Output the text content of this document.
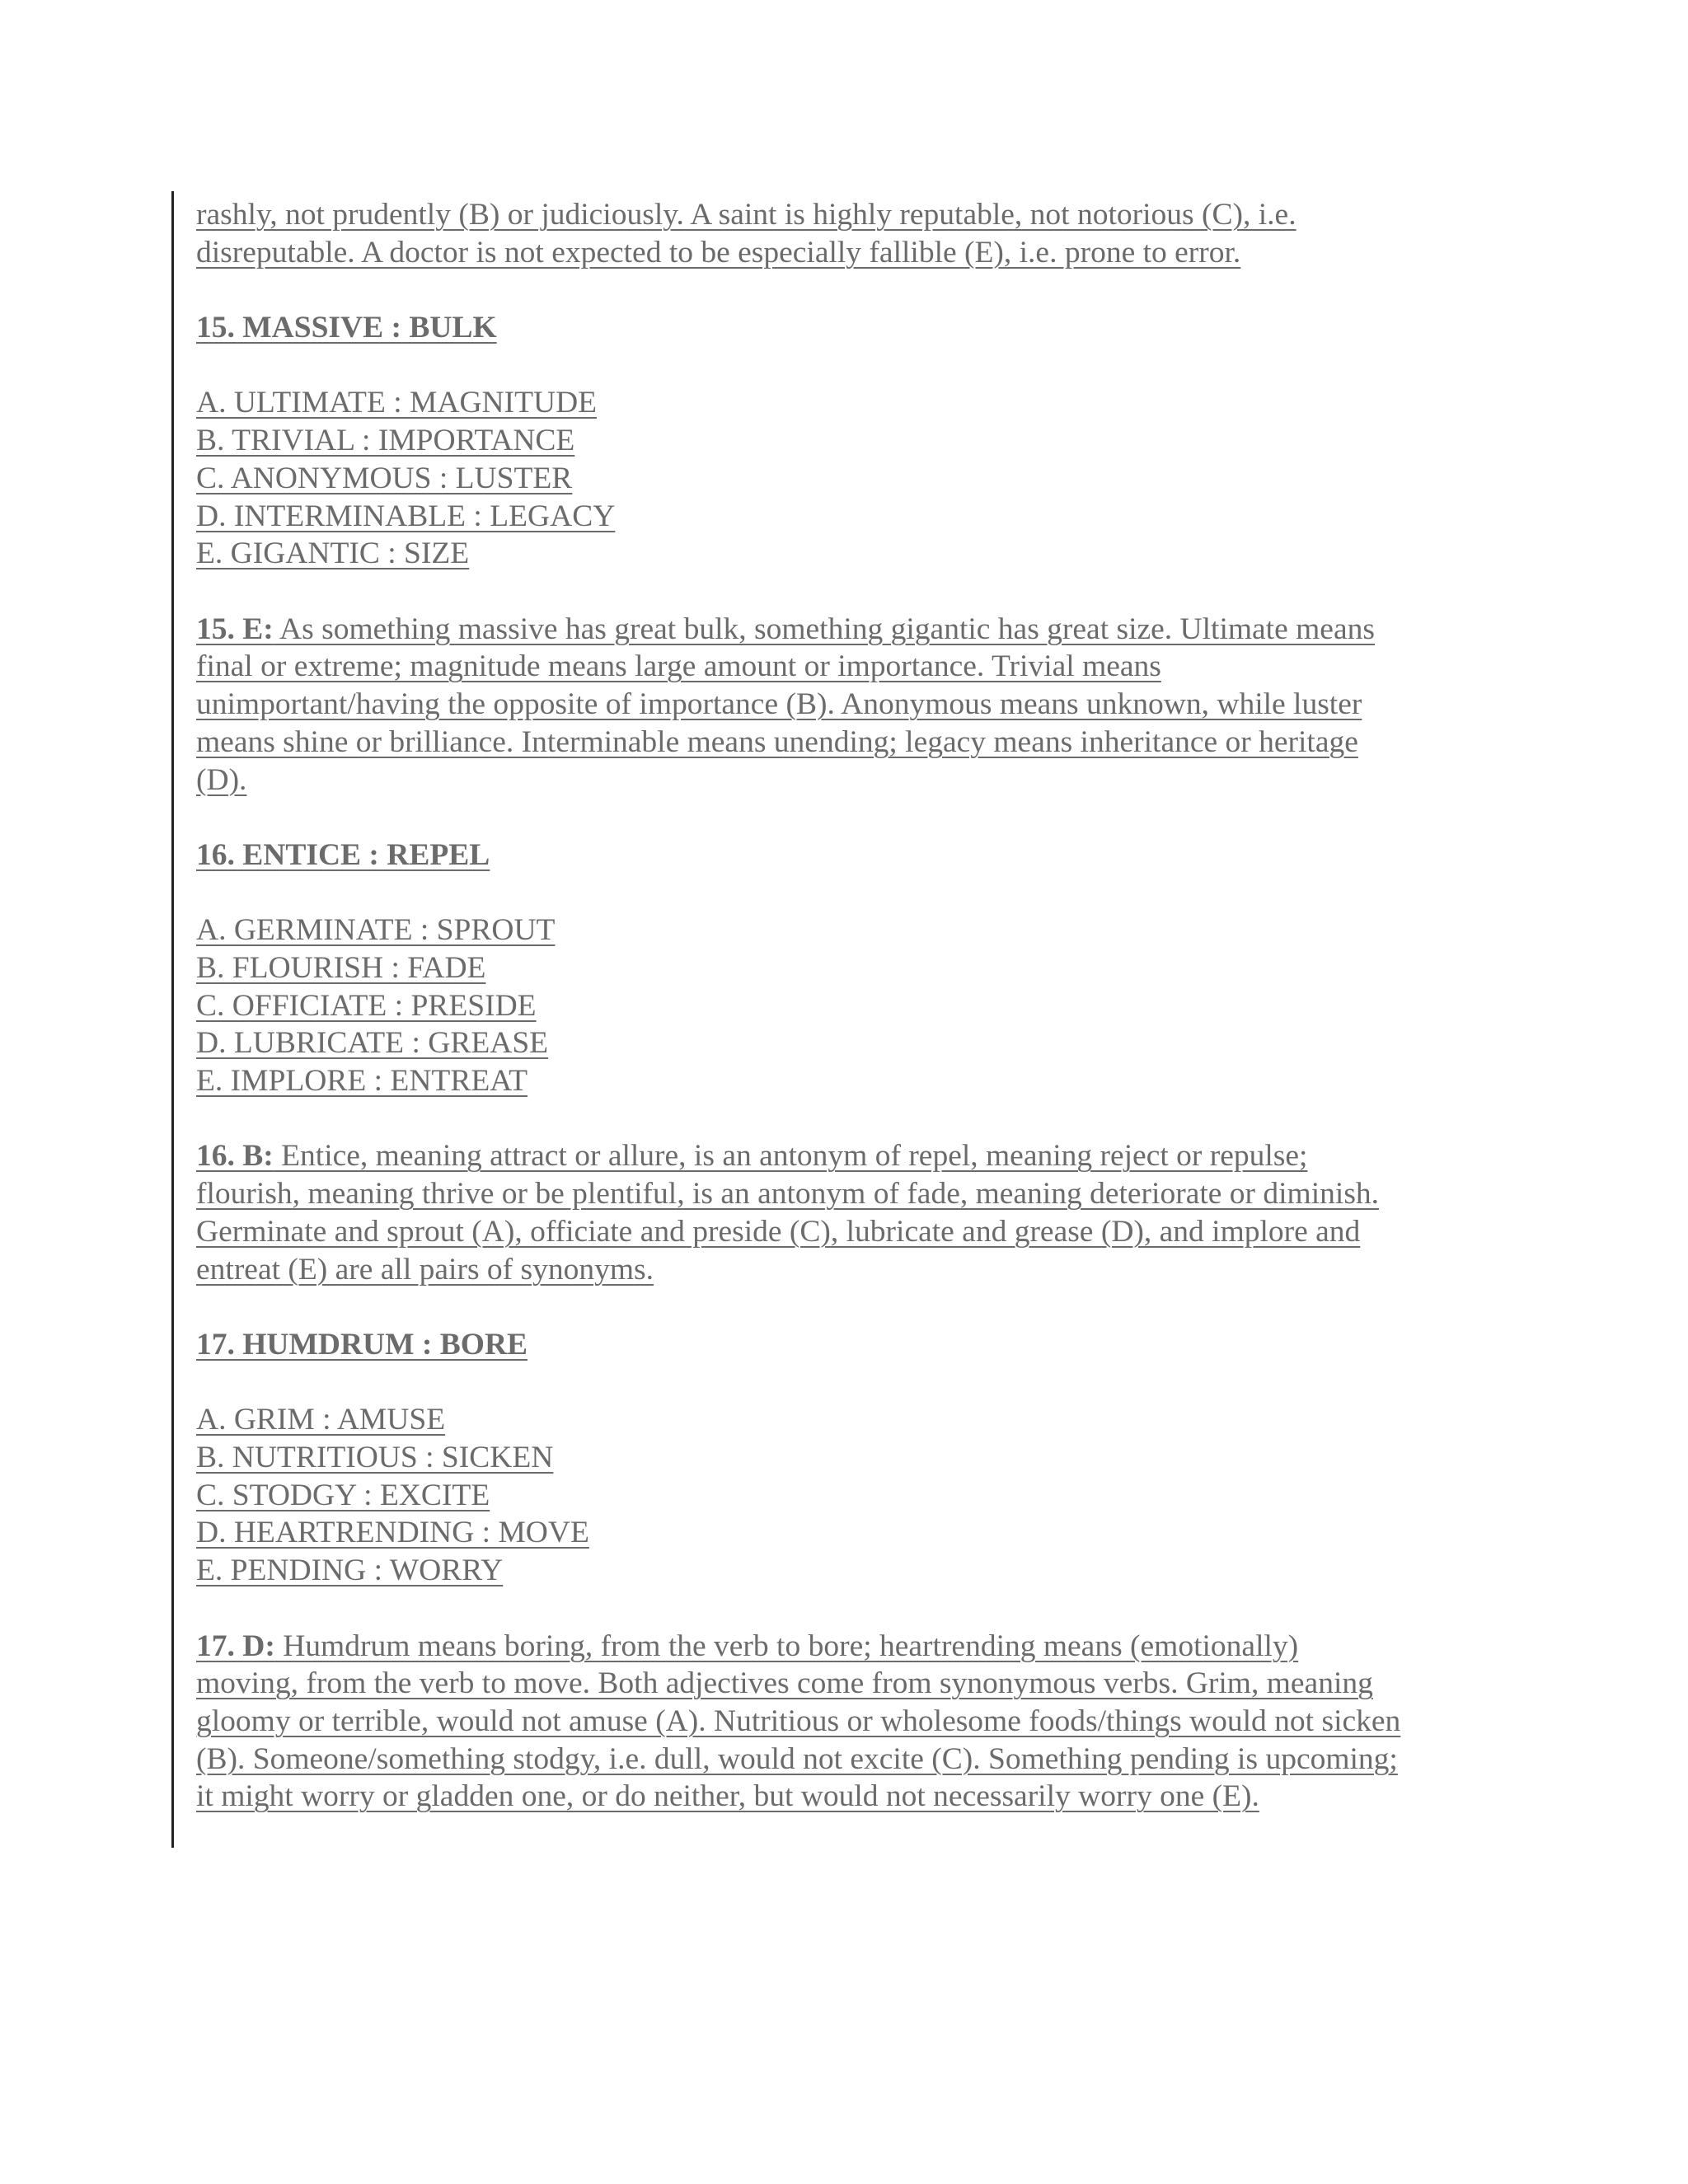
rashly, not prudently (B) or judiciously. A saint is highly reputable, not notorious (C), i.e.

disreputable. A doctor is not expected to be especially fallible (E), i.e. prone to error.

15. MASSIVE : BULK

A. ULTIMATE : MAGNITUDE

B. TRIVIAL : IMPORTANCE

C. ANONYMOUS : LUSTER

D. INTERMINABLE : LEGACY

E. GIGANTIC : SIZE

15. E: As something massive has great bulk, something gigantic has great size. Ultimate means

final or extreme; magnitude means large amount or importance. Trivial means

unimportant/having the opposite of importance (B). Anonymous means unknown, while luster

means shine or brilliance. Interminable means unending; legacy means inheritance or heritage

(D).

16. ENTICE : REPEL

A. GERMINATE : SPROUT

B. FLOURISH : FADE

C. OFFICIATE : PRESIDE

D. LUBRICATE : GREASE

E. IMPLORE : ENTREAT

16. B: Entice, meaning attract or allure, is an antonym of repel, meaning reject or repulse;

flourish, meaning thrive or be plentiful, is an antonym of fade, meaning deteriorate or diminish.

Germinate and sprout (A), officiate and preside (C), lubricate and grease (D), and implore and

entreat (E) are all pairs of synonyms.

17. HUMDRUM : BORE

A. GRIM : AMUSE

B. NUTRITIOUS : SICKEN

C. STODGY : EXCITE

D. HEARTRENDING : MOVE

E. PENDING : WORRY

17. D: Humdrum means boring, from the verb to bore; heartrending means (emotionally)

moving, from the verb to move. Both adjectives come from synonymous verbs. Grim, meaning

gloomy or terrible, would not amuse (A). Nutritious or wholesome foods/things would not sicken

(B). Someone/something stodgy, i.e. dull, would not excite (C). Something pending is upcoming;

it might worry or gladden one, or do neither, but would not necessarily worry one (E).
